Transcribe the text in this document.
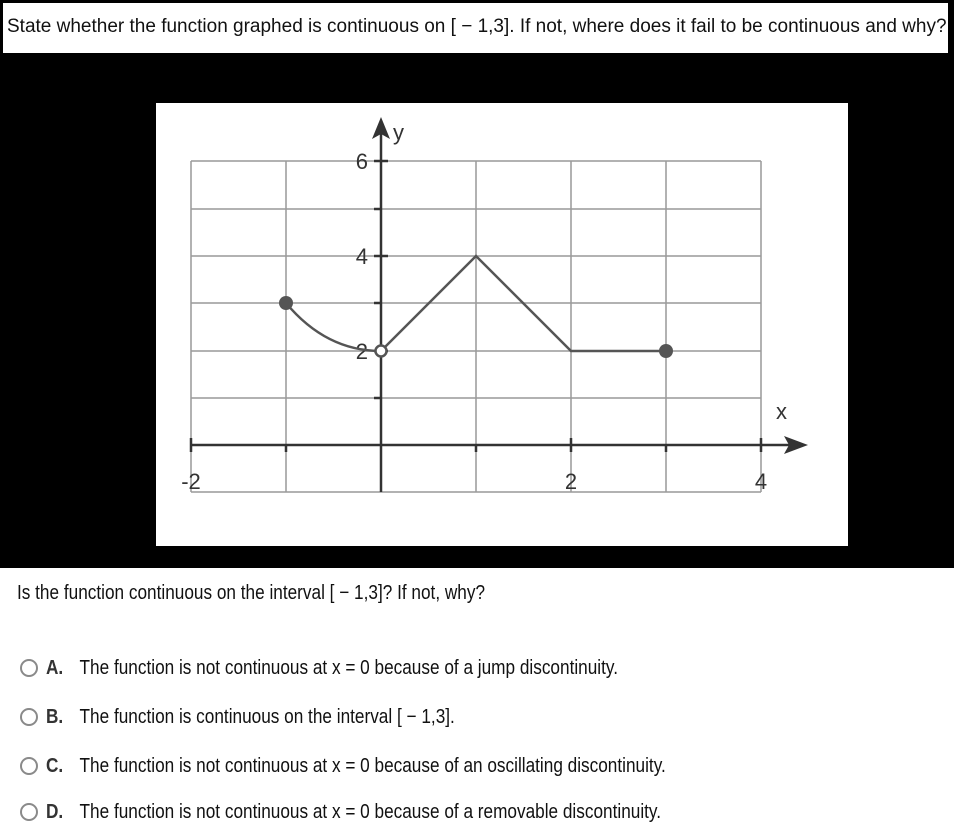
State whether the function graphed is continuous on [ − 1,3]. If not, where does it fail to be continuous and why?
y
x
6
4
2
-2	2	4
Is the function continuous on the interval [ − 1,3]? If not, why?
A. The function is not continuous at x = 0 because of a jump discontinuity.
B. The function is continuous on the interval [ − 1,3].
C. The function is not continuous at x = 0 because of an oscillating discontinuity.
D. The function is not continuous at x = 0 because of a removable discontinuity.
